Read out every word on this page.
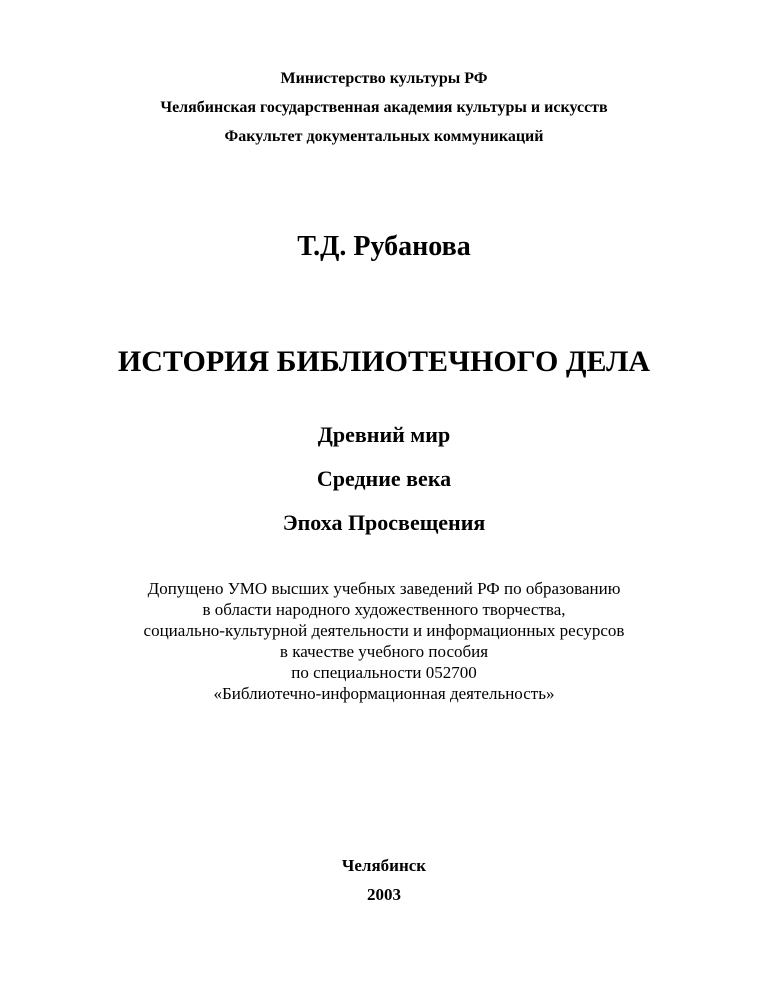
Министерство культуры РФ
Челябинская государственная академия культуры и искусств
Факультет документальных коммуникаций
Т.Д. Рубанова
ИСТОРИЯ БИБЛИОТЕЧНОГО ДЕЛА
Древний мир
Средние века
Эпоха Просвещения
Допущено УМО высших учебных заведений РФ по образованию
в области народного художественного творчества,
социально-культурной деятельности и информационных ресурсов
в качестве учебного пособия
по специальности 052700
«Библиотечно-информационная деятельность»
Челябинск
2003
